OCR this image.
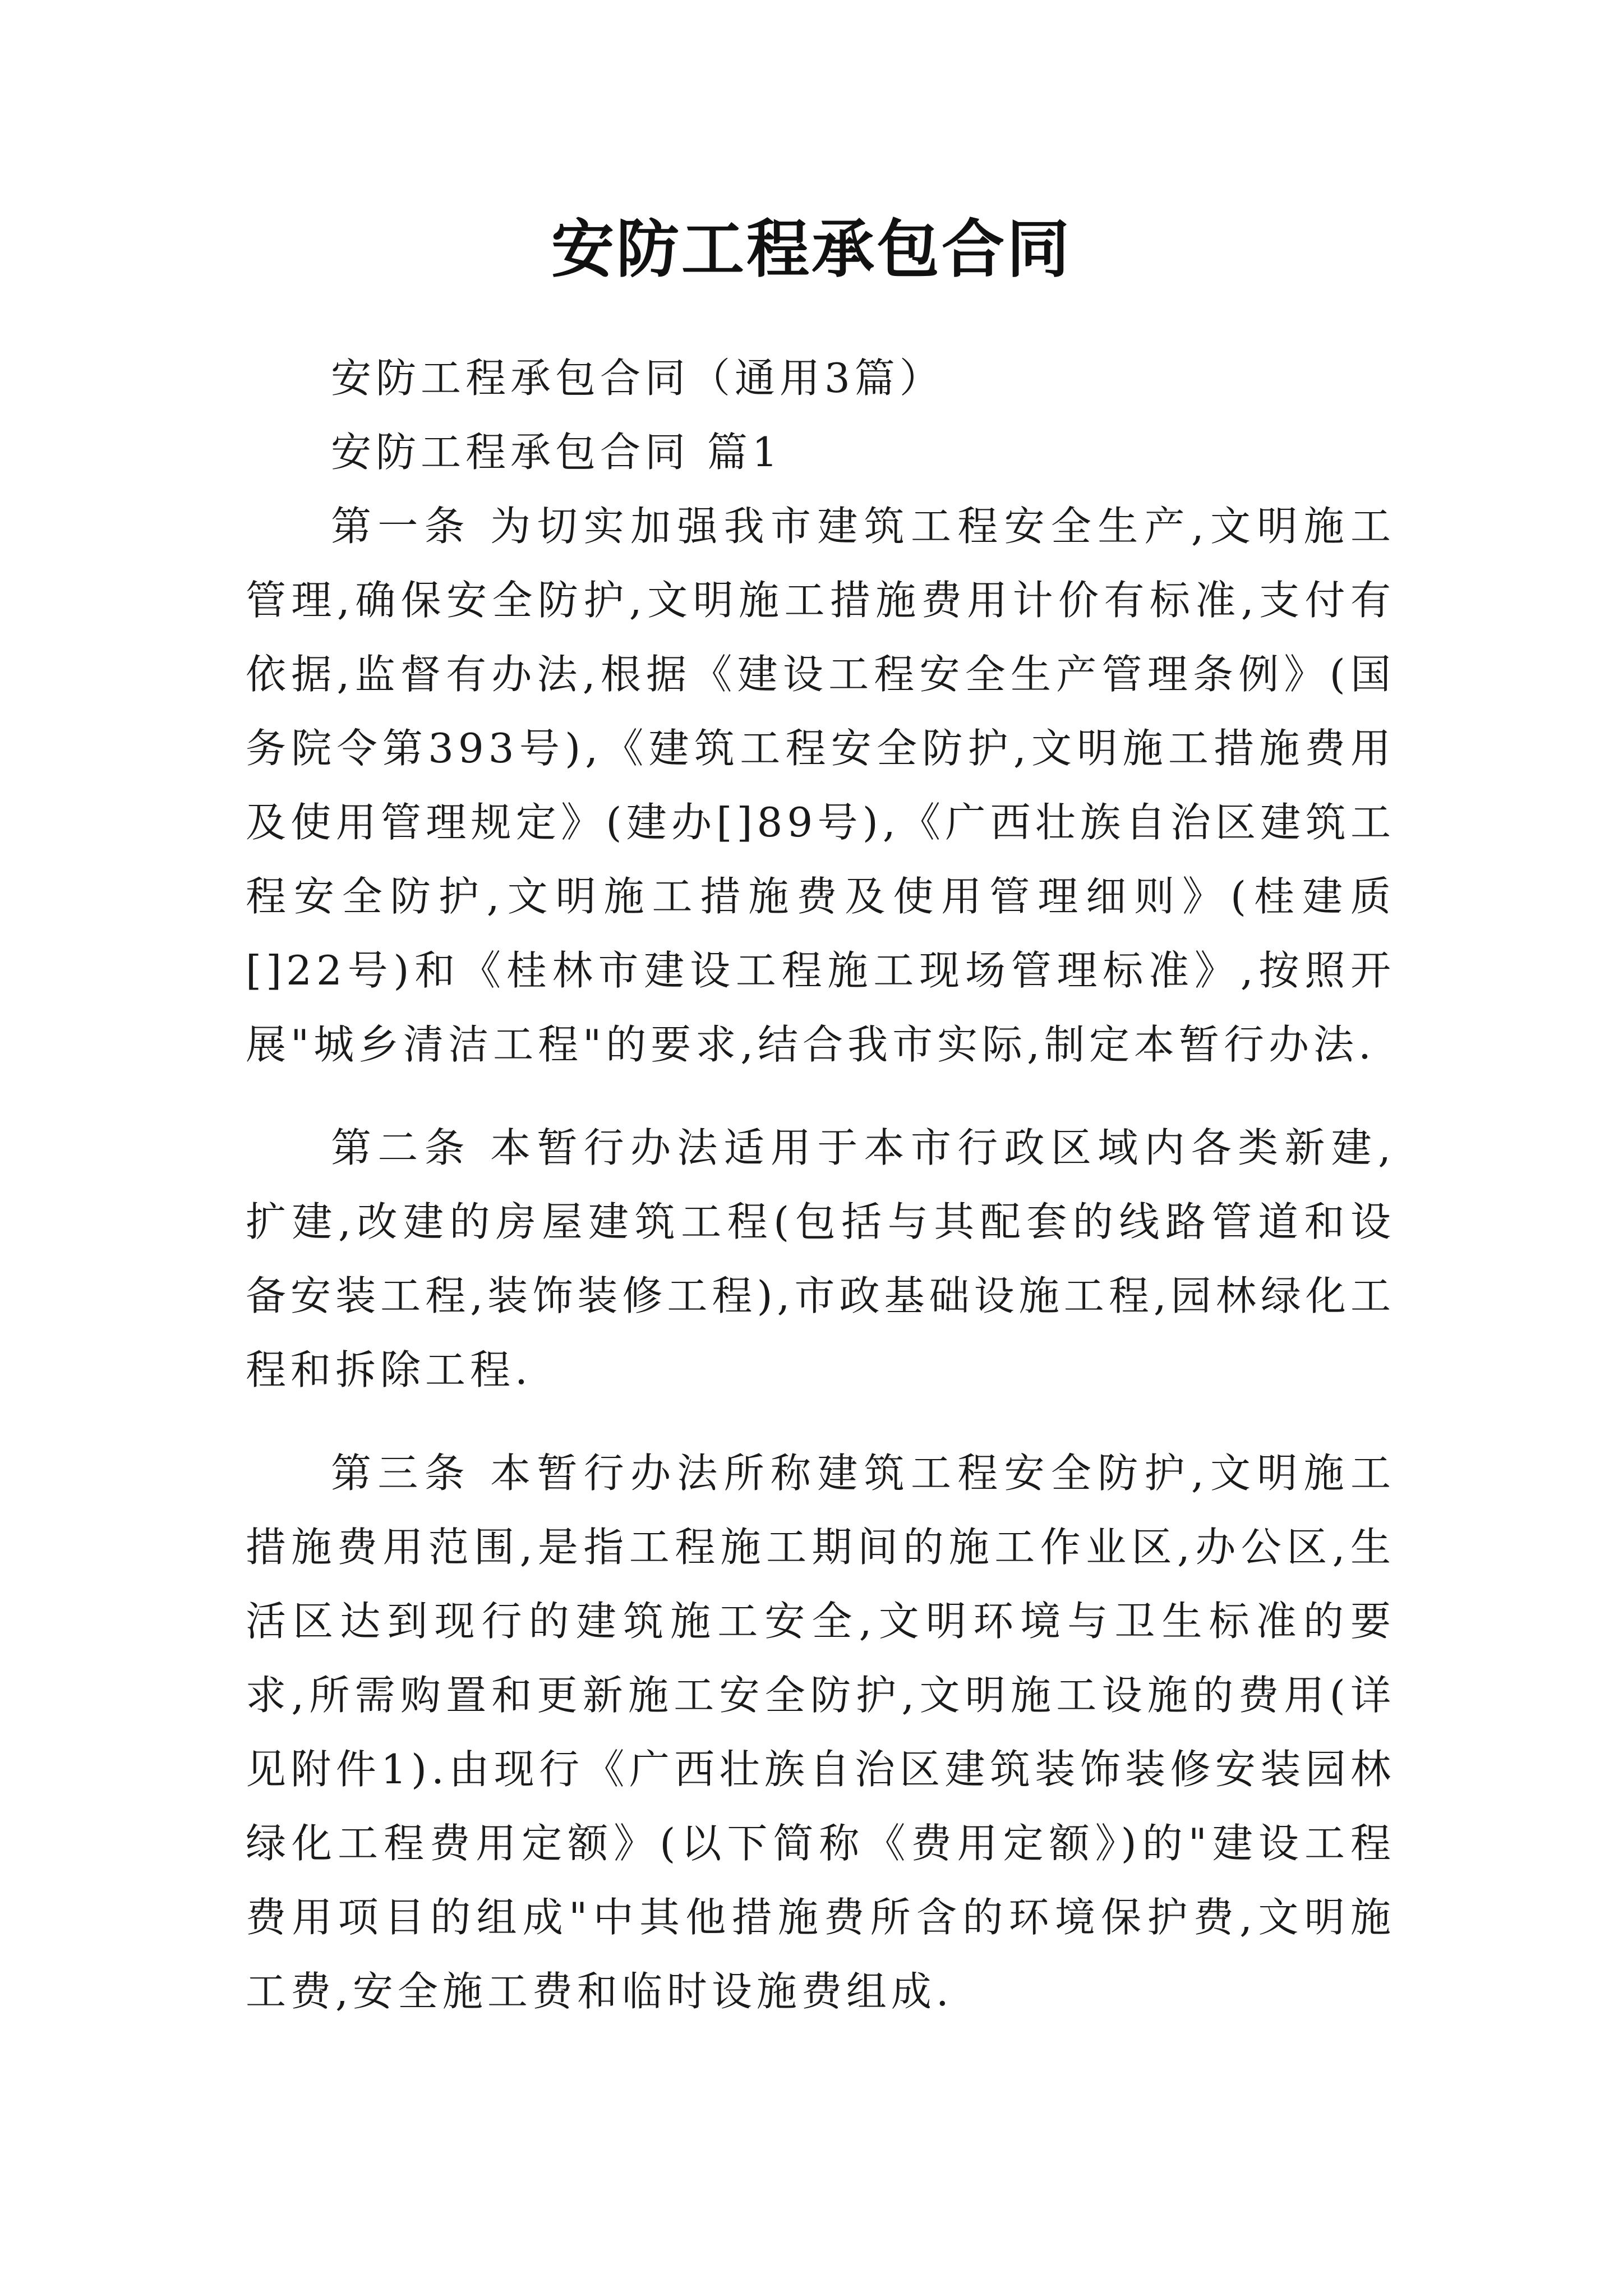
安防工程承包合同

安防工程承包合同（通用3篇）

安防工程承包合同 篇1

第一条 为切实加强我市建筑工程安全生产,文明施工管理,确保安全防护,文明施工措施费用计价有标准,支付有依据,监督有办法,根据《建设工程安全生产管理条例》(国务院令第393号),《建筑工程安全防护,文明施工措施费用及使用管理规定》(建办[]89号),《广西壮族自治区建筑工程安全防护,文明施工措施费及使用管理细则》(桂建质[]22号)和《桂林市建设工程施工现场管理标准》,按照开展"城乡清洁工程"的要求,结合我市实际,制定本暂行办法.

第二条 本暂行办法适用于本市行政区域内各类新建,扩建,改建的房屋建筑工程(包括与其配套的线路管道和设备安装工程,装饰装修工程),市政基础设施工程,园林绿化工程和拆除工程.

第三条 本暂行办法所称建筑工程安全防护,文明施工措施费用范围,是指工程施工期间的施工作业区,办公区,生活区达到现行的建筑施工安全,文明环境与卫生标准的要求,所需购置和更新施工安全防护,文明施工设施的费用(详见附件1).由现行《广西壮族自治区建筑装饰装修安装园林绿化工程费用定额》(以下简称《费用定额》)的"建设工程费用项目的组成"中其他措施费所含的环境保护费,文明施工费,安全施工费和临时设施费组成.
